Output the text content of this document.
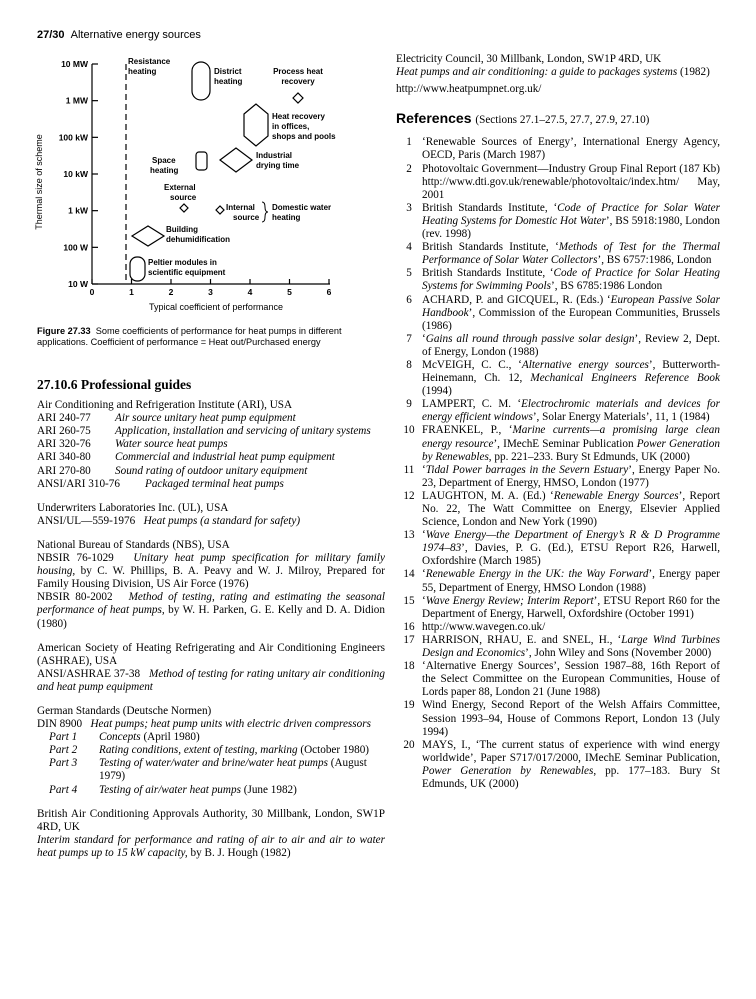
27/30 Alternative energy sources
10 MW
1 MW
100 kW
10 kW
1 kW
100 W
10 W
0	1	2	3	4	5	6
Thermal size of scheme
Typical coefficient of performance
Resistance heating	District heating
Process heat recovery
Heat recovery in offices, shops and pools
Space heating
Industrial drying time
External source
Internal source
Domestic water heating
Building dehumidification
Peltier modules in scientific equipment
Figure 27.33 Some coefficients of performance for heat pumps in different applications. Coefficient of performance = Heat out/Purchased energy
27.10.6 Professional guides
Air Conditioning and Refrigeration Institute (ARI), USA
ARI 240-77	Air source unitary heat pump equipment
ARI 260-75	Application, installation and servicing of unitary systems
ARI 320-76	Water source heat pumps
ARI 340-80	Commercial and industrial heat pump equipment
ARI 270-80	Sound rating of outdoor unitary equipment
ANSI/ARI 310-76	Packaged terminal heat pumps
Underwriters Laboratories Inc. (UL), USA
ANSI/UL—559-1976 Heat pumps (a standard for safety)
National Bureau of Standards (NBS), USA

NBSIR 76-1029 Unitary heat pump specification for military family housing, by C. W. Phillips, B. A. Peavy and W. J. Milroy, Prepared for Family Housing Division, US Air Force (1976)

NBSIR 80-2002 Method of testing, rating and estimating the seasonal performance of heat pumps, by W. H. Parken, G. E. Kelly and D. A. Didion (1980)

American Society of Heating Refrigerating and Air Conditioning Engineers (ASHRAE), USA

ANSI/ASHRAE 37-38 Method of testing for rating unitary air conditioning and heat pump equipment

German Standards (Deutsche Normen)

DIN 8900 Heat pumps; heat pump units with electric driven compressors

Part 1	Concepts (April 1980)
Part 2	Rating conditions, extent of testing, marking (October 1980)
Part 3	Testing of water/water and brine/water heat pumps (August 1979)
Part 4	Testing of air/water heat pumps (June 1982)

British Air Conditioning Approvals Authority, 30 Millbank, London, SW1P 4RD, UK

Interim standard for performance and rating of air to air and air to water heat pumps up to 15 kW capacity, by B. J. Hough (1982)

Electricity Council, 30 Millbank, London, SW1P 4RD, UK

Heat pumps and air conditioning: a guide to packages systems (1982)

http://www.heatpumpnet.org.uk/

References (Sections 27.1–27.5, 27.7, 27.9, 27.10)
1 ‘Renewable Sources of Energy’, International Energy Agency, OECD, Paris (March 1987)
2 Photovoltaic Government—Industry Group Final Report (187 Kb) http://www.dti.gov.uk/renewable/photovoltaic/index.htm/ May, 2001
3 British Standards Institute, ‘Code of Practice for Solar Water Heating Systems for Domestic Hot Water’, BS 5918:1980, London (rev. 1998)
4 British Standards Institute, ‘Methods of Test for the Thermal Performance of Solar Water Collectors’, BS 6757:1986, London
5 British Standards Institute, ‘Code of Practice for Solar Heating Systems for Swimming Pools’, BS 6785:1986 London
6 ACHARD, P. and GICQUEL, R. (Eds.) ‘European Passive Solar Handbook’, Commission of the European Communities, Brussels (1986)
7 ‘Gains all round through passive solar design’, Review 2, Dept. of Energy, London (1988)
8 McVEIGH, C. C., ‘Alternative energy sources’, Butterworth-Heinemann, Ch. 12, Mechanical Engineers Reference Book (1994)
9 LAMPERT, C. M. ‘Electrochromic materials and devices for energy efficient windows’, Solar Energy Materials’, 11, 1 (1984)
10 FRAENKEL, P., ‘Marine currents—a promising large clean energy resource’, IMechE Seminar Publication Power Generation by Renewables, pp. 221–233. Bury St Edmunds, UK (2000)
11 ‘Tidal Power barrages in the Severn Estuary’, Energy Paper No. 23, Department of Energy, HMSO, London (1977)
12 LAUGHTON, M. A. (Ed.) ‘Renewable Energy Sources’, Report No. 22, The Watt Committee on Energy, Elsevier Applied Science, London and New York (1990)
13 ‘Wave Energy—the Department of Energy’s R & D Programme 1974–83’, Davies, P. G. (Ed.), ETSU Report R26, Harwell, Oxfordshire (March 1985)
14 ‘Renewable Energy in the UK: the Way Forward’, Energy paper 55, Department of Energy, HMSO London (1988)
15 ‘Wave Energy Review; Interim Report’, ETSU Report R60 for the Department of Energy, Harwell, Oxfordshire (October 1991)
16 http://www.wavegen.co.uk/
17 HARRISON, RHAU, E. and SNEL, H., ‘Large Wind Turbines Design and Economics’, John Wiley and Sons (November 2000)
18 ‘Alternative Energy Sources’, Session 1987–88, 16th Report of the Select Committee on the European Communities, House of Lords paper 88, London 21 (June 1988)
19 Wind Energy, Second Report of the Welsh Affairs Committee, Session 1993–94, House of Commons Report, London 13 (July 1994)
20 MAYS, I., ‘The current status of experience with wind energy worldwide’, Paper S717/017/2000, IMechE Seminar Publication, Power Generation by Renewables, pp. 177–183. Bury St Edmunds, UK (2000)
